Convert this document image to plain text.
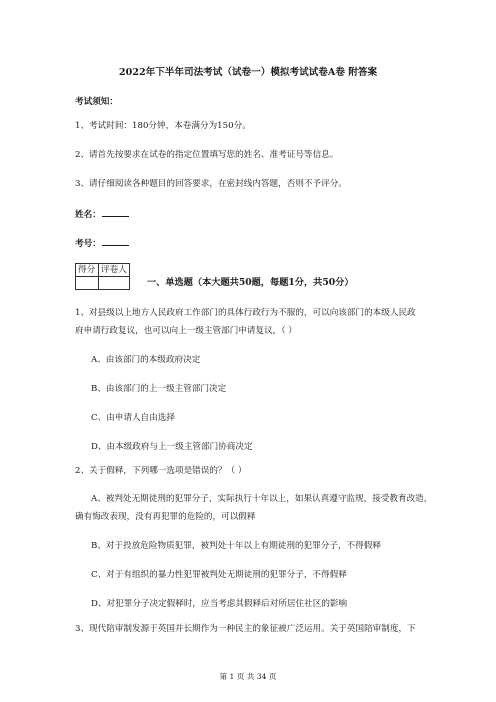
2022年下半年司法考试（试卷一）模拟考试试卷A卷 附答案
考试须知：
1、考试时间：180分钟，本卷满分为150分。
2、请首先按要求在试卷的指定位置填写您的姓名、准考证号等信息。
3、请仔细阅读各种题目的回答要求，在密封线内答题，否则不予评分。
姓名：
考号：
得分	评卷人

一、单选题（本大题共50题，每题1分，共50分）
1、对县级以上地方人民政府工作部门的具体行政行为不服的，可以向该部门的本级人民政
府申请行政复议，也可以向上一级主管部门申请复议，（ ）
A、由该部门的本级政府决定
B、由该部门的上一级主管部门决定
C、由申请人自由选择
D、由本级政府与上一级主管部门协商决定
2、关于假释，下列哪一选项是错误的？（ ）
A、被判处无期徒刑的犯罪分子，实际执行十年以上，如果认真遵守监规，接受教育改造，
确有悔改表现，没有再犯罪的危险的，可以假释
B、对于投放危险物质犯罪，被判处十年以上有期徒刑的犯罪分子，不得假释
C、对于有组织的暴力性犯罪被判处无期徒刑的犯罪分子，不得假释
D、对犯罪分子决定假释时，应当考虑其假释后对所居住社区的影响
3、现代陪审制发源于英国并长期作为一种民主的象征被广泛运用。关于英国陪审制度，下
第 1 页 共 34 页
